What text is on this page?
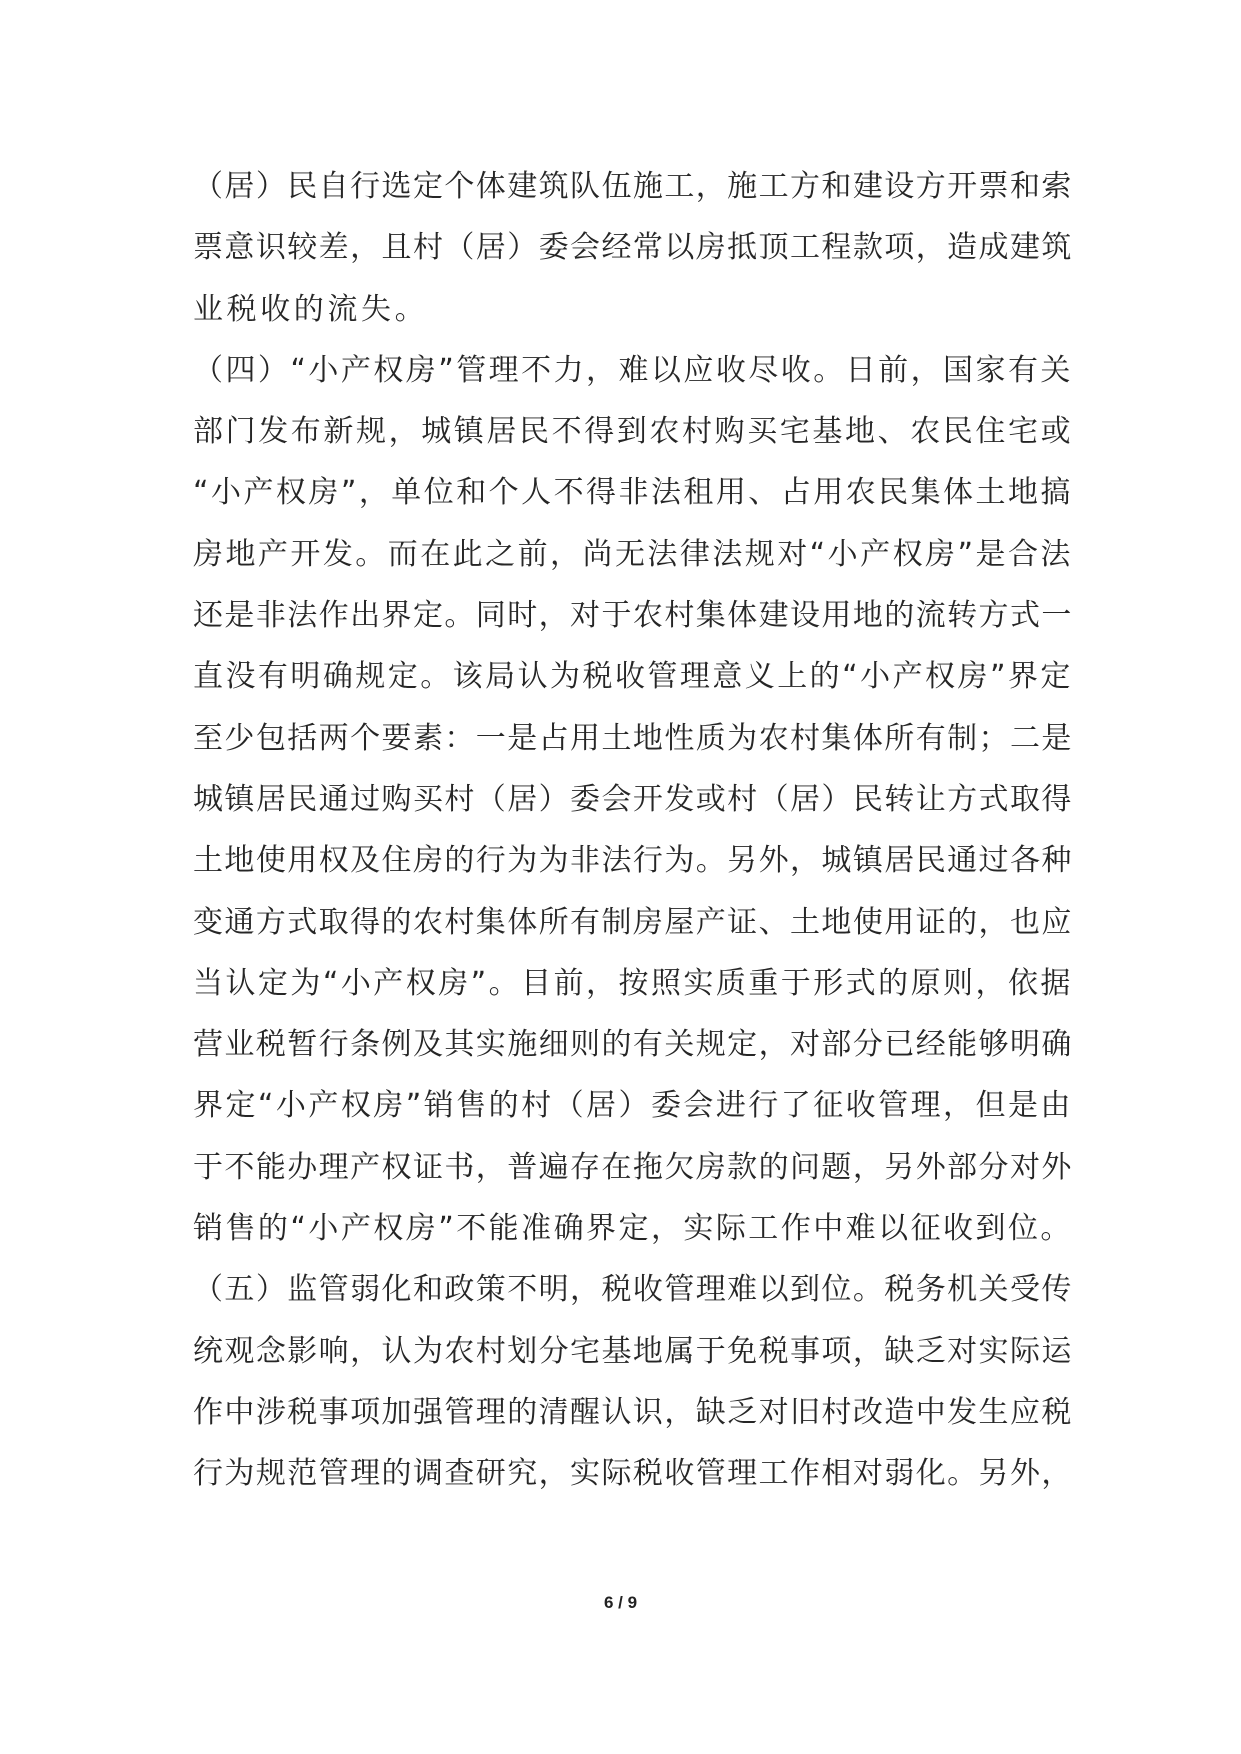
（居）民自行选定个体建筑队伍施工，施工方和建设方开票和索
票意识较差，且村（居）委会经常以房抵顶工程款项，造成建筑
业税收的流失。
（四）“小产权房”管理不力，难以应收尽收。日前，国家有关
部门发布新规，城镇居民不得到农村购买宅基地、农民住宅或
“小产权房”，单位和个人不得非法租用、占用农民集体土地搞
房地产开发。而在此之前，尚无法律法规对“小产权房”是合法
还是非法作出界定。同时，对于农村集体建设用地的流转方式一
直没有明确规定。该局认为税收管理意义上的“小产权房”界定
至少包括两个要素：一是占用土地性质为农村集体所有制；二是
城镇居民通过购买村（居）委会开发或村（居）民转让方式取得
土地使用权及住房的行为为非法行为。另外，城镇居民通过各种
变通方式取得的农村集体所有制房屋产证、土地使用证的，也应
当认定为“小产权房”。目前，按照实质重于形式的原则，依据
营业税暂行条例及其实施细则的有关规定，对部分已经能够明确
界定“小产权房”销售的村（居）委会进行了征收管理，但是由
于不能办理产权证书，普遍存在拖欠房款的问题，另外部分对外
销售的“小产权房”不能准确界定，实际工作中难以征收到位。
（五）监管弱化和政策不明，税收管理难以到位。税务机关受传
统观念影响，认为农村划分宅基地属于免税事项，缺乏对实际运
作中涉税事项加强管理的清醒认识，缺乏对旧村改造中发生应税
行为规范管理的调查研究，实际税收管理工作相对弱化。另外，
6 / 9
